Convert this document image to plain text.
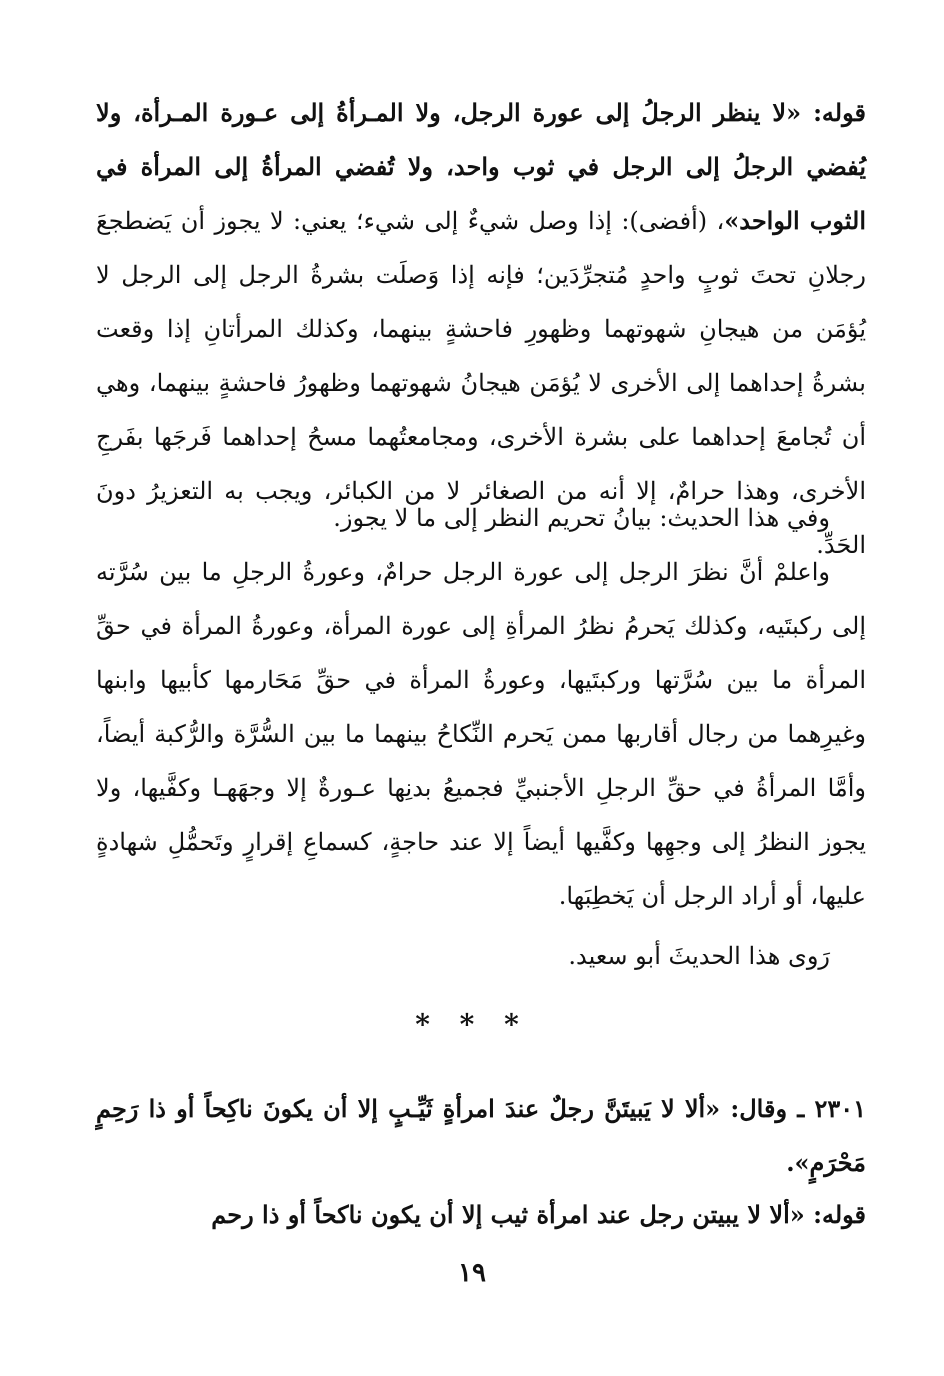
قوله: «لا ينظر الرجلُ إلى عورة الرجل، ولا المـرأةُ إلى عـورة المـرأة، ولا يُفضي الرجلُ إلى الرجل في ثوب واحد، ولا تُفضي المرأةُ إلى المرأة في الثوب الواحد»، (أفضى): إذا وصل شيءٌ إلى شيء؛ يعني: لا يجوز أن يَضطجعَ رجلانِ تحتَ ثوبٍ واحدٍ مُتجرِّدَين؛ فإنه إذا وَصلَت بشرةُ الرجل إلى الرجل لا يُؤمَن من هيجانِ شهوتهما وظهورِ فاحشةٍ بينهما، وكذلك المرأتانِ إذا وقعت بشرةُ إحداهما إلى الأخرى لا يُؤمَن هيجانُ شهوتهما وظهورُ فاحشةٍ بينهما، وهي أن تُجامعَ إحداهما على بشرة الأخرى، ومجامعتُهما مسحُ إحداهما فَرجَها بفَرجِ الأخرى، وهذا حرامٌ، إلا أنه من الصغائر لا من الكبائر، ويجب به التعزيرُ دونَ الحَدِّ.

وفي هذا الحديث: بيانُ تحريم النظر إلى ما لا يجوز.

واعلمْ أنَّ نظرَ الرجل إلى عورة الرجل حرامٌ، وعورةُ الرجلِ ما بين سُرَّته إلى ركبتَيه، وكذلك يَحرمُ نظرُ المرأةِ إلى عورة المرأة، وعورةُ المرأة في حقِّ المرأة ما بين سُرَّتها وركبتَيها، وعورةُ المرأة في حقِّ مَحَارمها كأبيها وابنها وغيرِهما من رجال أقاربها ممن يَحرم النِّكاحُ بينهما ما بين السُّرَّة والرُّكبة أيضاً، وأمَّا المرأةُ في حقِّ الرجلِ الأجنبيِّ فجميعُ بدنِها عـورةٌ إلا وجهَهـا وكفَّيها، ولا يجوز النظرُ إلى وجهِها وكفَّيها أيضاً إلا عند حاجةٍ، كسماعِ إقرارٍ وتَحمُّلِ شهادةٍ عليها، أو أراد الرجل أن يَخطِبَها.

رَوى هذا الحديثَ أبو سعيد.

* * *

٢٣٠١ ـ وقال: «ألا لا يَبيتَنَّ رجلٌ عندَ امرأةٍ ثَيِّـبٍ إلا أن يكونَ ناكِحاً أو ذا رَحِمٍ مَحْرَمٍ».

قوله: «ألا لا يبيتن رجل عند امرأة ثيب إلا أن يكون ناكحاً أو ذا رحم

١٩
